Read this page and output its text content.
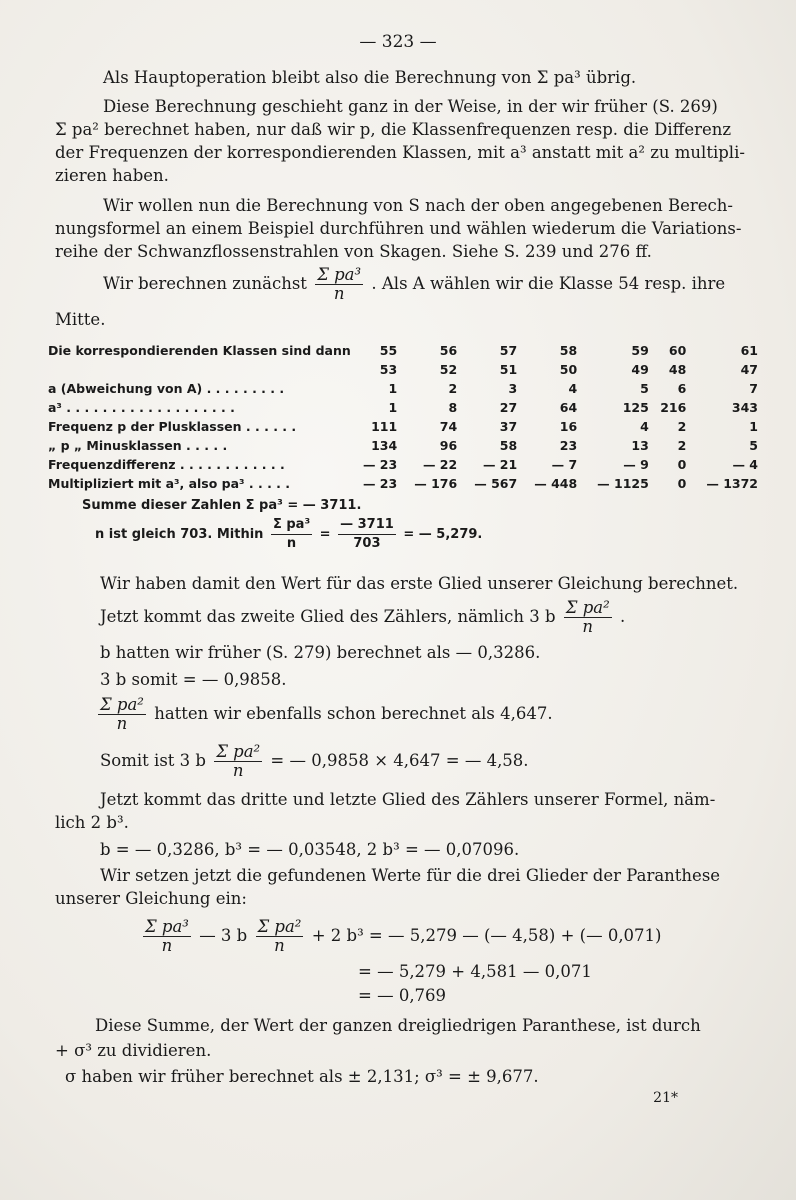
— 323 —
Als Hauptoperation bleibt also die Berechnung von Σ pa³ übrig.
Diese Berechnung geschieht ganz in der Weise, in der wir früher (S. 269)
Σ pa² berechnet haben, nur daß wir p, die Klassenfrequenzen resp. die Differenz
der Frequenzen der korrespondierenden Klassen, mit a³ anstatt mit a² zu multipli-
zieren haben.
Wir wollen nun die Berechnung von S nach der oben angegebenen Berech-
nungsformel an einem Beispiel durchführen und wählen wiederum die Variations-
reihe der Schwanzflossenstrahlen von Skagen. Siehe S. 239 und 276 ff.
Wir berechnen zunächst $\frac{\text{Σ pa³}}{n}$ . Als A wählen wir die Klasse 54 resp. ihre
Mitte.
Die korrespondierenden Klassen sind dann	55	56	57	58	59	60	61
	53	52	51	50	49	48	47
a (Abweichung von A) . . . . . . . . .	1	2	3	4	5	6	7
a³ . . . . . . . . . . . . . . . . . . .	1	8	27	64	125	216	343
Frequenz p der Plusklassen . . . . . .	111	74	37	16	4	2	1
„ p „ Minusklassen . . . . .	134	96	58	23	13	2	5
Frequenzdifferenz . . . . . . . . . . . .	— 23	— 22	— 21	— 7	— 9	0	— 4
Multipliziert mit a³, also pa³ . . . . .	— 23	— 176	— 567	— 448	— 1125	0	— 1372
Summe dieser Zahlen Σ pa³ = — 3711.
n ist gleich 703. Mithin $\frac{\text{Σ pa³}}{n} = \frac{— 3711}{703}$ = — 5,279.
Wir haben damit den Wert für das erste Glied unserer Gleichung berechnet.
Jetzt kommt das zweite Glied des Zählers, nämlich 3 b $\frac{\text{Σ pa²}}{n}$ .
b hatten wir früher (S. 279) berechnet als — 0,3286.
3 b somit = — 0,9858.
$\frac{\text{Σ pa²}}{n}$ hatten wir ebenfalls schon berechnet als 4,647.
Somit ist 3 b $\frac{\text{Σ pa²}}{n}$ = — 0,9858 × 4,647 = — 4,58.
Jetzt kommt das dritte und letzte Glied des Zählers unserer Formel, näm-
lich 2 b³.
b = — 0,3286, b³ = — 0,03548, 2 b³ = — 0,07096.
Wir setzen jetzt die gefundenen Werte für die drei Glieder der Paranthese
unserer Gleichung ein:
$\frac{\text{Σ pa³}}{n}$ — 3 b $\frac{\text{Σ pa²}}{n} + 2$ b³ = — 5,279 — (— 4,58) + (— 0,071)
= — 5,279 + 4,581 — 0,071
= — 0,769
Diese Summe, der Wert der ganzen dreigliedrigen Paranthese, ist durch
+ σ³ zu dividieren.
σ haben wir früher berechnet als ± 2,131; σ³ = ± 9,677.
21*
